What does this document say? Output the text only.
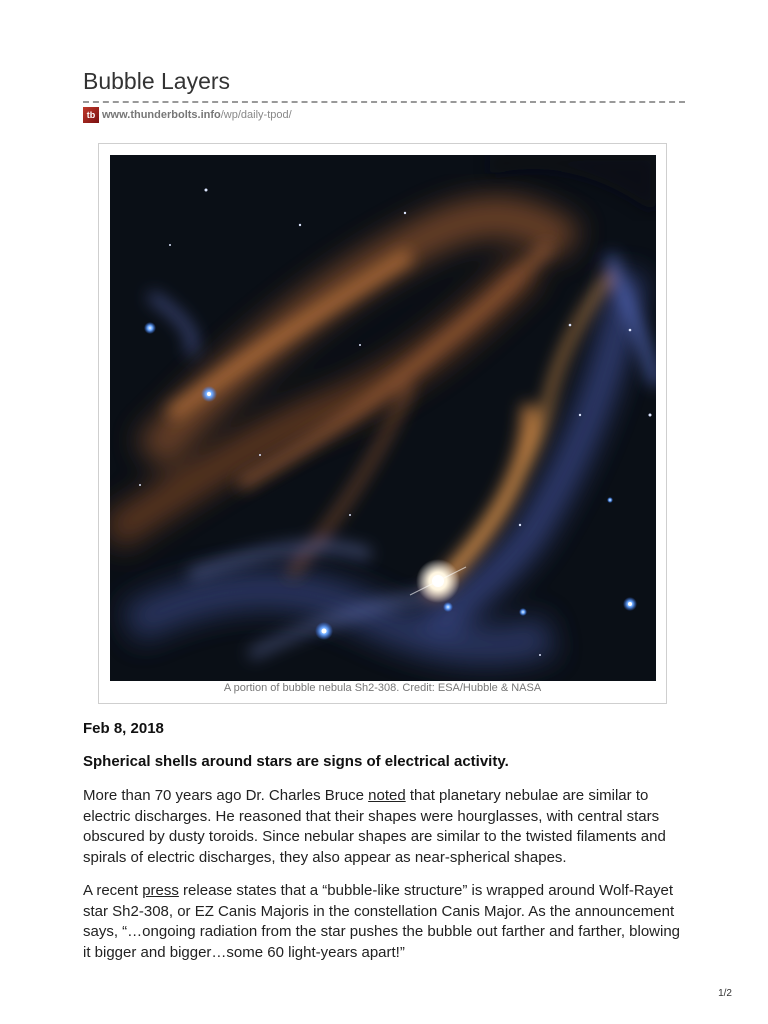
Bubble Layers
tb www.thunderbolts.info/wp/daily-tpod/
A portion of bubble nebula Sh2-308. Credit: ESA/Hubble & NASA
Feb 8, 2018
Spherical shells around stars are signs of electrical activity.

More than 70 years ago Dr. Charles Bruce noted that planetary nebulae are similar to electric discharges. He reasoned that their shapes were hourglasses, with central stars obscured by dusty toroids. Since nebular shapes are similar to the twisted filaments and spirals of electric discharges, they also appear as near-spherical shapes.

A recent press release states that a “bubble-like structure” is wrapped around Wolf-Rayet star Sh2-308, or EZ Canis Majoris in the constellation Canis Major. As the announcement says, “…ongoing radiation from the star pushes the bubble out farther and farther, blowing it bigger and bigger…some 60 light-years apart!”

1/2
